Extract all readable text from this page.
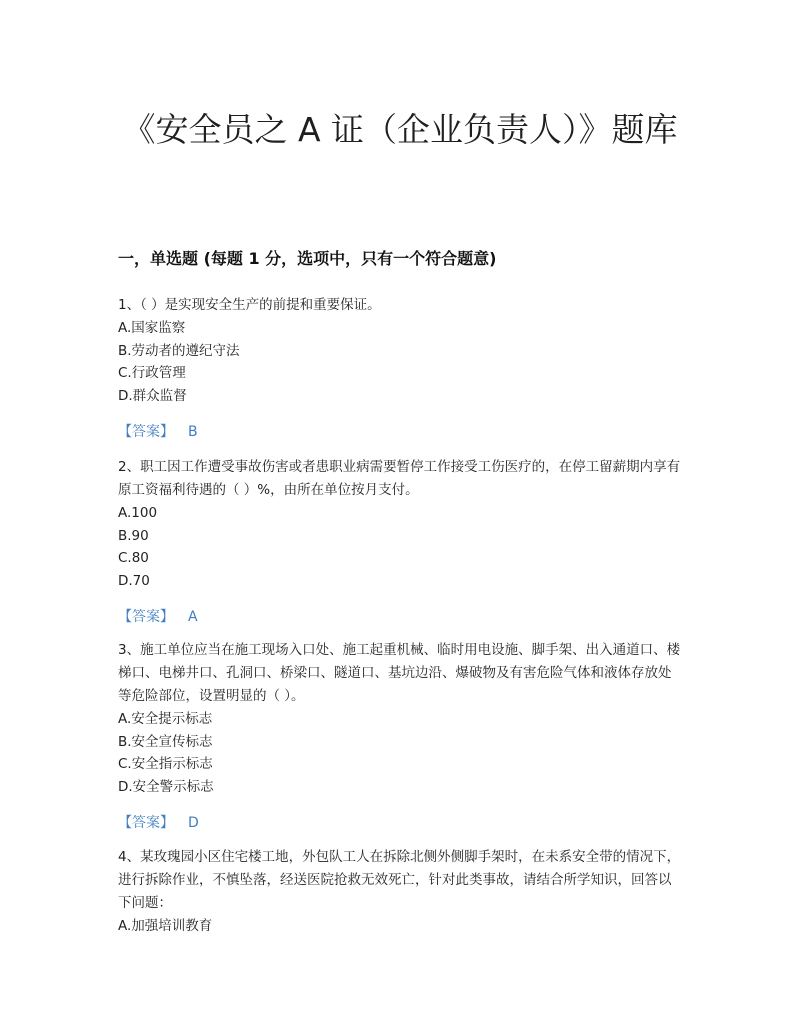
《安全员之 A 证（企业负责人）》题库
一，单选题 (每题 1 分，选项中，只有一个符合题意)

1、（ ）是实现安全生产的前提和重要保证。

A.国家监察

B.劳动者的遵纪守法

C.行政管理

D.群众监督

【答案】 B

2、职工因工作遭受事故伤害或者患职业病需要暂停工作接受工伤医疗的，在停工留薪期内享有原工资福利待遇的（ ）%，由所在单位按月支付。

A.100

B.90

C.80

D.70

【答案】 A

3、施工单位应当在施工现场入口处、施工起重机械、临时用电设施、脚手架、出入通道口、楼梯口、电梯井口、孔洞口、桥梁口、隧道口、基坑边沿、爆破物及有害危险气体和液体存放处等危险部位，设置明显的（ ）。

A.安全提示标志

B.安全宣传标志

C.安全指示标志

D.安全警示标志

【答案】 D

4、某玫瑰园小区住宅楼工地，外包队工人在拆除北侧外侧脚手架时，在未系安全带的情况下，进行拆除作业，不慎坠落，经送医院抢救无效死亡，针对此类事故，请结合所学知识，回答以下问题：

A.加强培训教育
